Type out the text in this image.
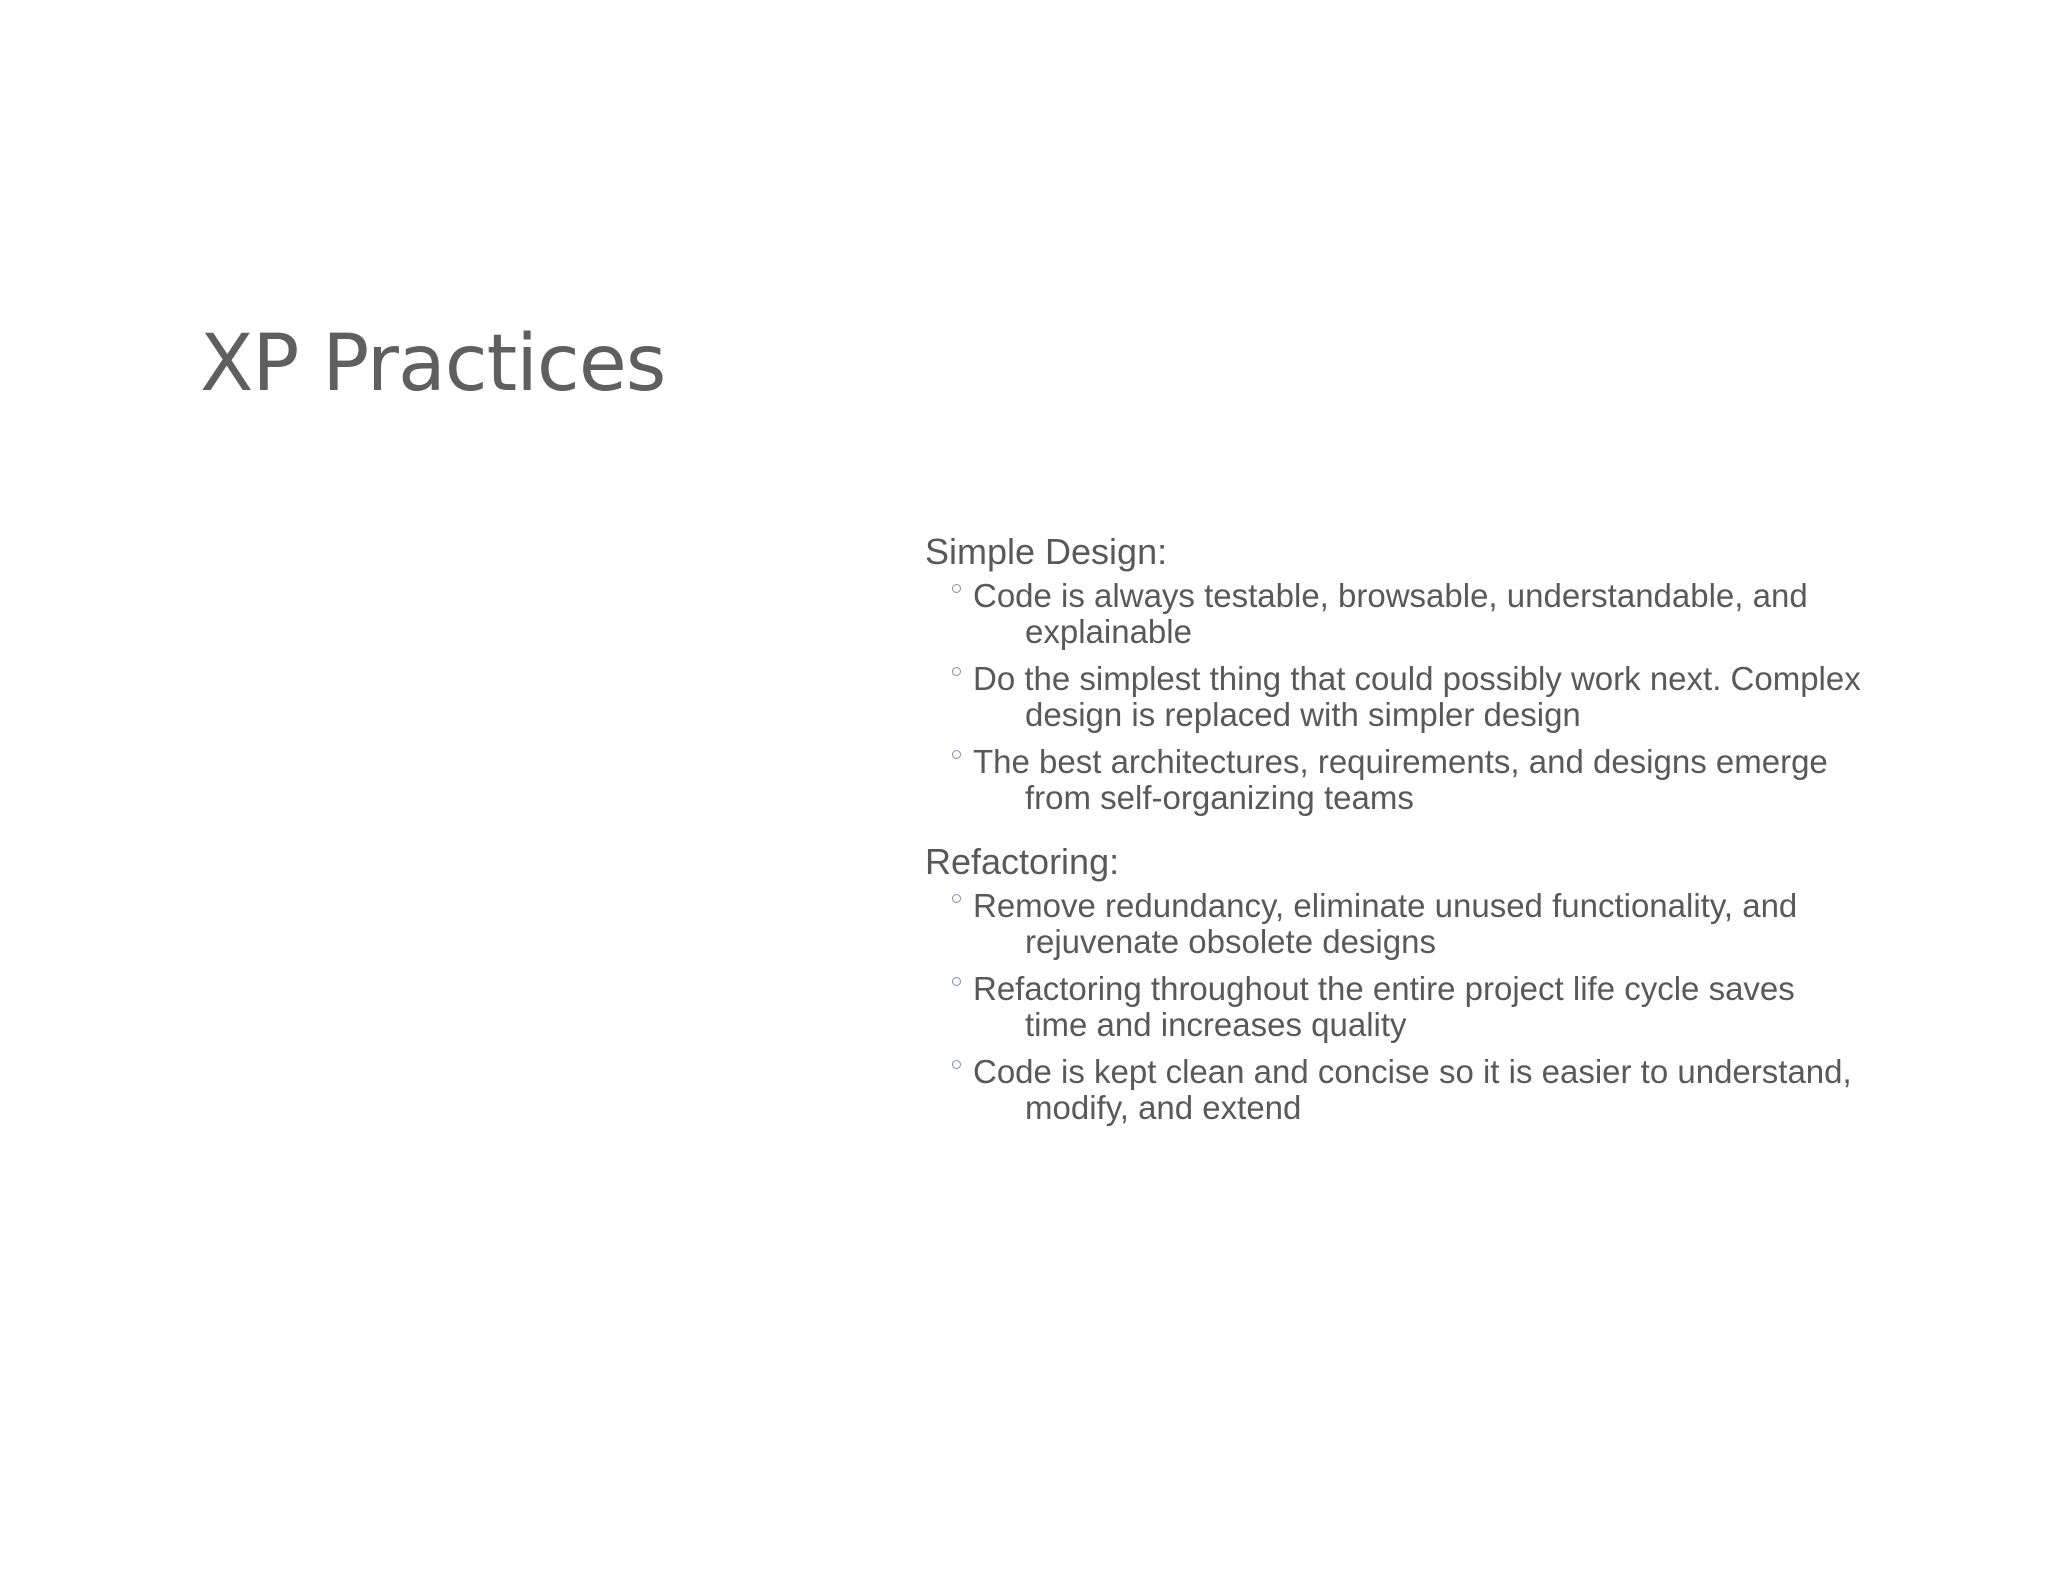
XP Practices
Simple Design:
Code is always testable, browsable, understandable, and
explainable
Do the simplest thing that could possibly work next. Complex
design is replaced with simpler design
The best architectures, requirements, and designs emerge
from self-organizing teams
Refactoring:
Remove redundancy, eliminate unused functionality, and
rejuvenate obsolete designs
Refactoring throughout the entire project life cycle saves
time and increases quality
Code is kept clean and concise so it is easier to understand,
modify, and extend
